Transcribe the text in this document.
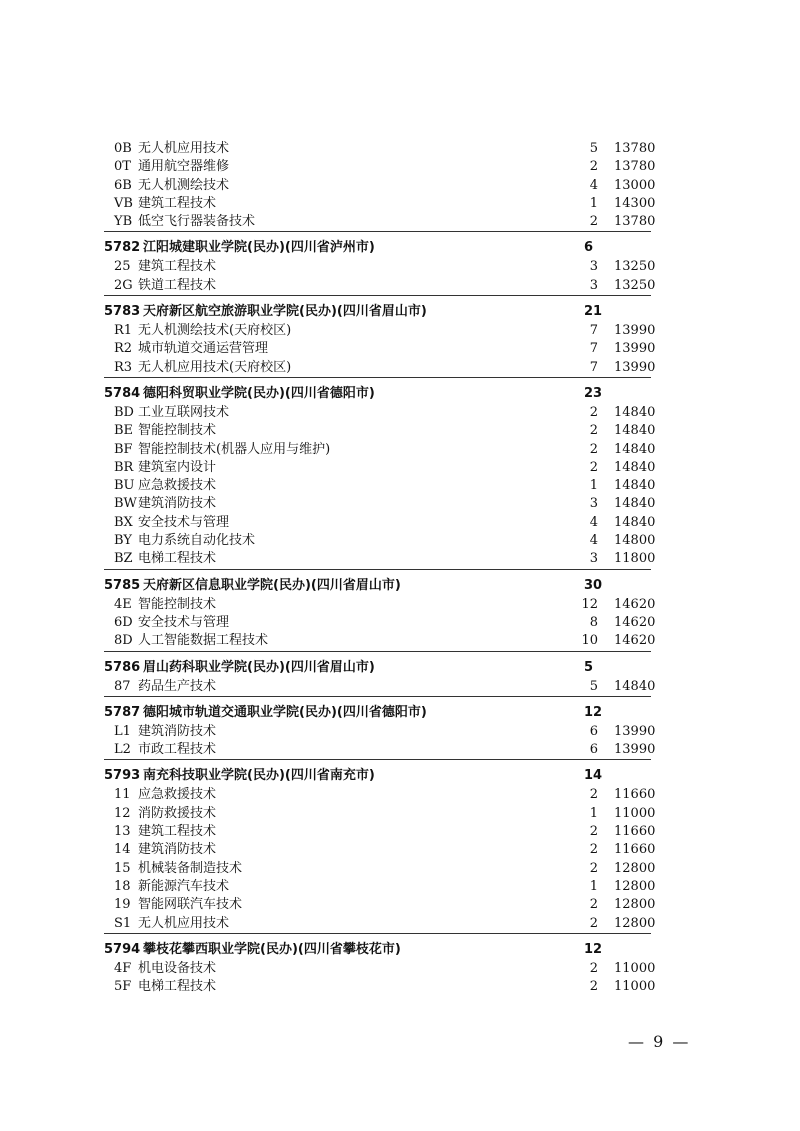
0B 无人机应用技术	5 13780
0T 通用航空器维修	2 13780
6B 无人机测绘技术	4 13000
VB 建筑工程技术	1 14300
YB 低空飞行器装备技术	2 13780
5782 江阳城建职业学院(民办)(四川省泸州市)	6
25 建筑工程技术	3 13250
2G 铁道工程技术	3 13250
5783 天府新区航空旅游职业学院(民办)(四川省眉山市)	21
R1 无人机测绘技术(天府校区)	7 13990
R2 城市轨道交通运营管理	7 13990
R3 无人机应用技术(天府校区)	7 13990
5784 德阳科贸职业学院(民办)(四川省德阳市)	23
BD 工业互联网技术	2 14840
BE 智能控制技术	2 14840
BF 智能控制技术(机器人应用与维护)	2 14840
BR 建筑室内设计	2 14840
BU 应急救援技术	1 14840
BW 建筑消防技术	3 14840
BX 安全技术与管理	4 14840
BY 电力系统自动化技术	4 14800
BZ 电梯工程技术	3 11800
5785 天府新区信息职业学院(民办)(四川省眉山市)	30
4E 智能控制技术	12 14620
6D 安全技术与管理	8 14620
8D 人工智能数据工程技术	10 14620
5786 眉山药科职业学院(民办)(四川省眉山市)	5
87 药品生产技术	5 14840
5787 德阳城市轨道交通职业学院(民办)(四川省德阳市)	12
L1 建筑消防技术	6 13990
L2 市政工程技术	6 13990
5793 南充科技职业学院(民办)(四川省南充市)	14
11 应急救援技术	2 11660
12 消防救援技术	1 11000
13 建筑工程技术	2 11660
14 建筑消防技术	2 11660
15 机械装备制造技术	2 12800
18 新能源汽车技术	1 12800
19 智能网联汽车技术	2 12800
S1 无人机应用技术	2 12800
5794 攀枝花攀西职业学院(民办)(四川省攀枝花市)	12
4F 机电设备技术	2 11000
5F 电梯工程技术	2 11000
— 9 —
